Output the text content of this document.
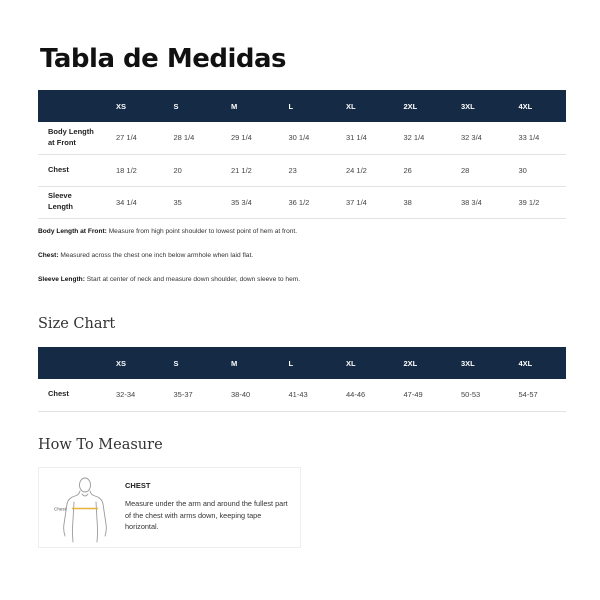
Tabla de Medidas
	XS	S	M	L	XL	2XL	3XL	4XL
Body Length
at Front	27 1/4	28 1/4	29 1/4	30 1/4	31 1/4	32 1/4	32 3/4	33 1/4
Chest	18 1/2	20	21 1/2	23	24 1/2	26	28	30
Sleeve
Length	34 1/4	35	35 3/4	36 1/2	37 1/4	38	38 3/4	39 1/2

Body Length at Front: Measure from high point shoulder to lowest point of hem at front.

Chest: Measured across the chest one inch below armhole when laid flat.

Sleeve Length: Start at center of neck and measure down shoulder, down sleeve to hem.

Size Chart
	XS	S	M	L	XL	2XL	3XL	4XL
Chest	32-34	35-37	38-40	41-43	44-46	47-49	50-53	54-57
How To Measure
Chest
CHEST
Measure under the arm and around the fullest part of the chest with arms down, keeping tape horizontal.
